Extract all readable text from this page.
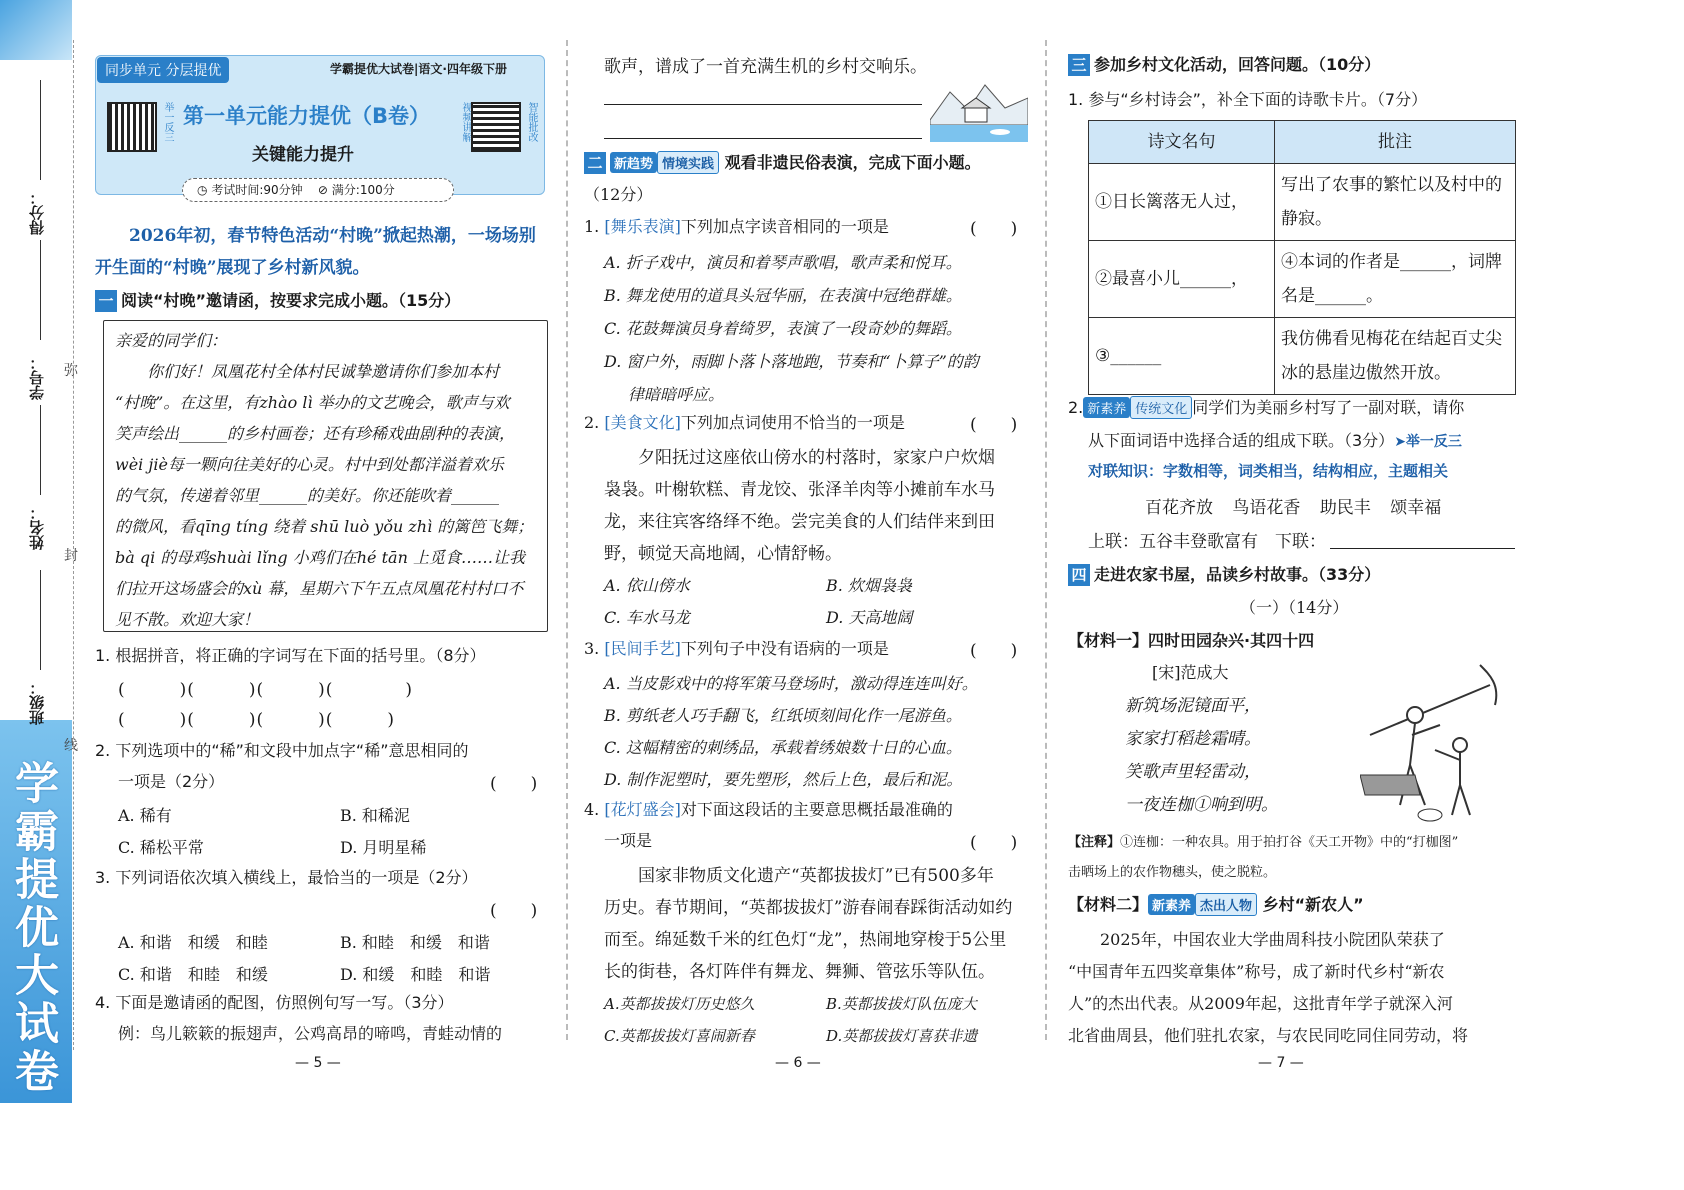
学霸提优大试卷
得分：
学号：
姓名：
班级：
弥
封
线
同步单元 分层提优	学霸提优大试卷|语文·四年级下册
举一反三 第一单元能力提优（B卷）
关键能力提升
视频讲解	智能批改
◷ 考试时间:90分钟 ⊘ 满分:100分
2026年初，春节特色活动“村晚”掀起热潮，一场场别开生面的“村晚”展现了乡村新风貌。
一 阅读“村晚”邀请函，按要求完成小题。（15分）
亲爱的同学们：
你们好！凤凰花村全体村民诚挚邀请你们参加本村
“村晚”。在这里，有zhào lì 举办的文艺晚会，歌声与欢
笑声绘出______的乡村画卷；还有珍稀戏曲剧种的表演，
wèi jiè每一颗向往美好的心灵。村中到处都洋溢着欢乐
的气氛，传递着邻里______的美好。你还能吹着______
的微风，看qīng tíng 绕着 shū luò yǒu zhì 的篱笆飞舞；
bà qi 的母鸡shuài lǐng 小鸡们在hé tān 上觅食……让我
们拉开这场盛会的xù 幕，星期六下午五点凤凰花村村口不
见不散。欢迎大家！
1. 根据拼音，将正确的字词写在下面的括号里。（8分）
(　　　)(　　　)(　　　)(　　　　)
(　　　)(　　　)(　　　)(　　　)
2. 下列选项中的“稀”和文段中加点字“稀”意思相同的
一项是（2分）	(　　)
A. 稀有	B. 和稀泥
C. 稀松平常	D. 月明星稀
3. 下列词语依次填入横线上，最恰当的一项是（2分）
(　　)
A. 和谐　和缓　和睦	B. 和睦　和缓　和谐
C. 和谐　和睦　和缓	D. 和缓　和睦　和谐
4. 下面是邀请函的配图，仿照例句写一写。（3分）
例：鸟儿簌簌的振翅声，公鸡高昂的啼鸣，青蛙动情的
— 5 —
歌声，谱成了一首充满生机的乡村交响乐。
二 新趋势 情境实践 观看非遗民俗表演，完成下面小题。
（12分）
1. [舞乐表演]下列加点字读音相同的一项是	(　　)
A. 折子戏中，演员和着琴声歌唱，歌声柔和悦耳。
B. 舞龙使用的道具头冠华丽，在表演中冠绝群雄。
C. 花鼓舞演员身着绮罗，表演了一段奇妙的舞蹈。
D. 窗户外，雨脚卜落卜落地跑，节奏和“卜算子”的韵
律暗暗呼应。
2. [美食文化]下列加点词使用不恰当的一项是	(　　)
夕阳抚过这座依山傍水的村落时，家家户户炊烟
袅袅。叶榭软糕、青龙饺、张泽羊肉等小摊前车水马
龙，来往宾客络绎不绝。尝完美食的人们结伴来到田
野，顿觉天高地阔，心情舒畅。
A. 依山傍水	B. 炊烟袅袅
C. 车水马龙	D. 天高地阔
3. [民间手艺]下列句子中没有语病的一项是	(　　)
A. 当皮影戏中的将军策马登场时，激动得连连叫好。
B. 剪纸老人巧手翻飞，红纸顷刻间化作一尾游鱼。
C. 这幅精密的刺绣品，承载着绣娘数十日的心血。
D. 制作泥塑时，要先塑形，然后上色，最后和泥。
4. [花灯盛会]对下面这段话的主要意思概括最准确的
一项是	(　　)
国家非物质文化遗产“英都拔拔灯”已有500多年
历史。春节期间，“英都拔拔灯”游春闹春踩街活动如约
而至。绵延数千米的红色灯“龙”，热闹地穿梭于5公里
长的街巷，各灯阵伴有舞龙、舞狮、管弦乐等队伍。
A.英都拔拔灯历史悠久	B.英都拔拔灯队伍庞大
C.英都拔拔灯喜闹新春	D.英都拔拔灯喜获非遗
— 6 —
三 参加乡村文化活动，回答问题。（10分）
1. 参与“乡村诗会”，补全下面的诗歌卡片。（7分）
诗文名句	批注
①日长篱落无人过，	写出了农事的繁忙以及村中的静寂。
②最喜小儿______，	④本词的作者是______，词牌名是______。
③______	我仿佛看见梅花在结起百丈尖冰的悬崖边傲然开放。
2. 新素养 传统文化 同学们为美丽乡村写了一副对联，请你
从下面词语中选择合适的组成下联。（3分）➤举一反三
对联知识：字数相等，词类相当，结构相应，主题相关
百花齐放 鸟语花香 助民丰 颂幸福
上联：五谷丰登歌富有　下联：
四 走进农家书屋，品读乡村故事。（33分）
（一）（14分）
【材料一】四时田园杂兴·其四十四
[宋]范成大
新筑场泥镜面平，
家家打稻趁霜晴。
笑歌声里轻雷动，
一夜连枷①响到明。
【注释】①连枷：一种农具。用于拍打谷《天工开物》中的“打枷图”
击晒场上的农作物穗头，使之脱粒。
【材料二】 新素养 杰出人物 乡村“新农人”
2025年，中国农业大学曲周科技小院团队荣获了
“中国青年五四奖章集体”称号，成了新时代乡村“新农
人”的杰出代表。从2009年起，这批青年学子就深入河
北省曲周县，他们驻扎农家，与农民同吃同住同劳动，将
— 7 —
